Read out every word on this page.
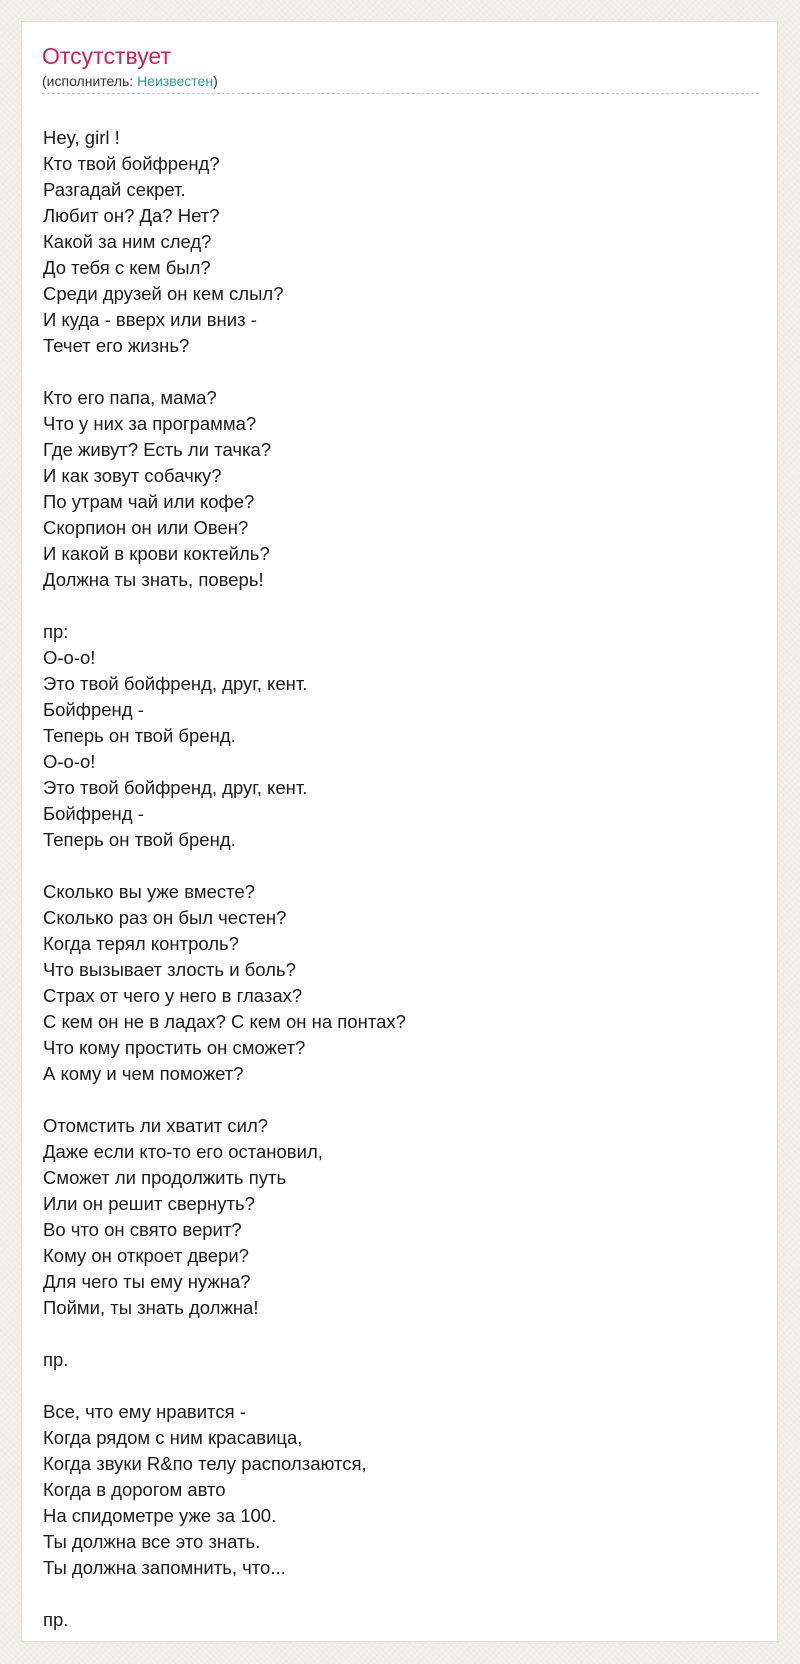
Отсутствует
(исполнитель: Неизвестен)
Hey, girl !
Кто твой бойфренд?
Разгадай секрет.
Любит он? Да? Нет?
Какой за ним след?
До тебя с кем был?
Среди друзей он кем слыл?
И куда - вверх или вниз -
Течет его жизнь?
Кто его папа, мама?
Что у них за программа?
Где живут? Есть ли тачка?
И как зовут собачку?
По утрам чай или кофе?
Скорпион он или Овен?
И какой в крови коктейль?
Должна ты знать, поверь!
пр:
О-о-о!
Это твой бойфренд, друг, кент.
Бойфренд -
Теперь он твой бренд.
О-о-о!
Это твой бойфренд, друг, кент.
Бойфренд -
Теперь он твой бренд.
Сколько вы уже вместе?
Сколько раз он был честен?
Когда терял контроль?
Что вызывает злость и боль?
Страх от чего у него в глазах?
С кем он не в ладах? С кем он на понтах?
Что кому простить он сможет?
А кому и чем поможет?
Отомстить ли хватит сил?
Даже если кто-то его остановил,
Сможет ли продолжить путь
Или он решит свернуть?
Во что он свято верит?
Кому он откроет двери?
Для чего ты ему нужна?
Пойми, ты знать должна!
пр.
Все, что ему нравится -
Когда рядом с ним красавица,
Когда звуки R&по телу расползаются,
Когда в дорогом авто
На спидометре уже за 100.
Ты должна все это знать.
Ты должна запомнить, что...
пр.
